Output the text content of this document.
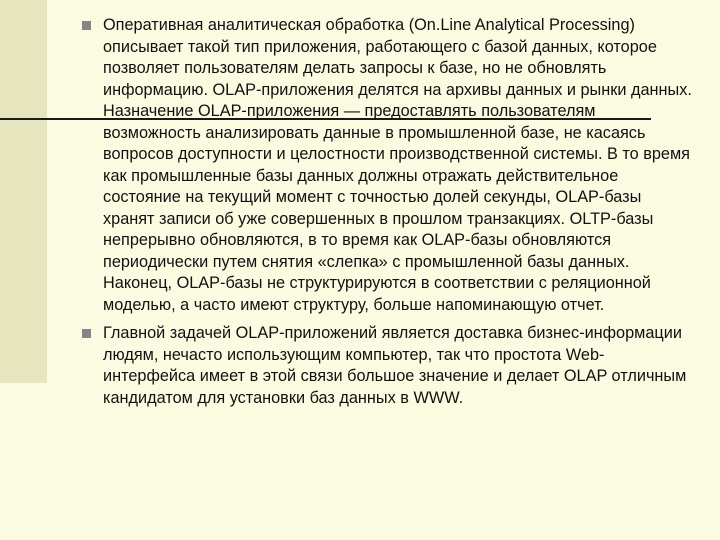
Оперативная аналитическая обработка (On.Line Analytical Processing) описывает такой тип приложения, работающего с базой данных, которое позволяет пользователям делать запросы к базе, но не обновлять информацию. OLAP-приложения делятся на архивы данных и рынки данных. Назначение OLAP-приложения — предоставлять пользователям возможность анализировать данные в промышленной базе, не касаясь вопросов доступности и целостности производственной системы. В то время как промышленные базы данных должны отражать действительное состояние на текущий момент с точностью долей секунды, OLAP-базы хранят записи об уже совершенных в прошлом транзакциях. OLTP-базы непрерывно обновляются, в то время как OLAP-базы обновляются периодически путем снятия «слепка» с промышленной базы данных. Наконец, OLAP-базы не структурируются в соответствии с реляционной моделью, а часто имеют структуру, больше напоминающую отчет.
Главной задачей OLAP-приложений является доставка бизнес-информации людям, нечасто использующим компьютер, так что простота Web-интерфейса имеет в этой связи большое значение и делает OLAP отличным кандидатом для установки баз данных в WWW.
